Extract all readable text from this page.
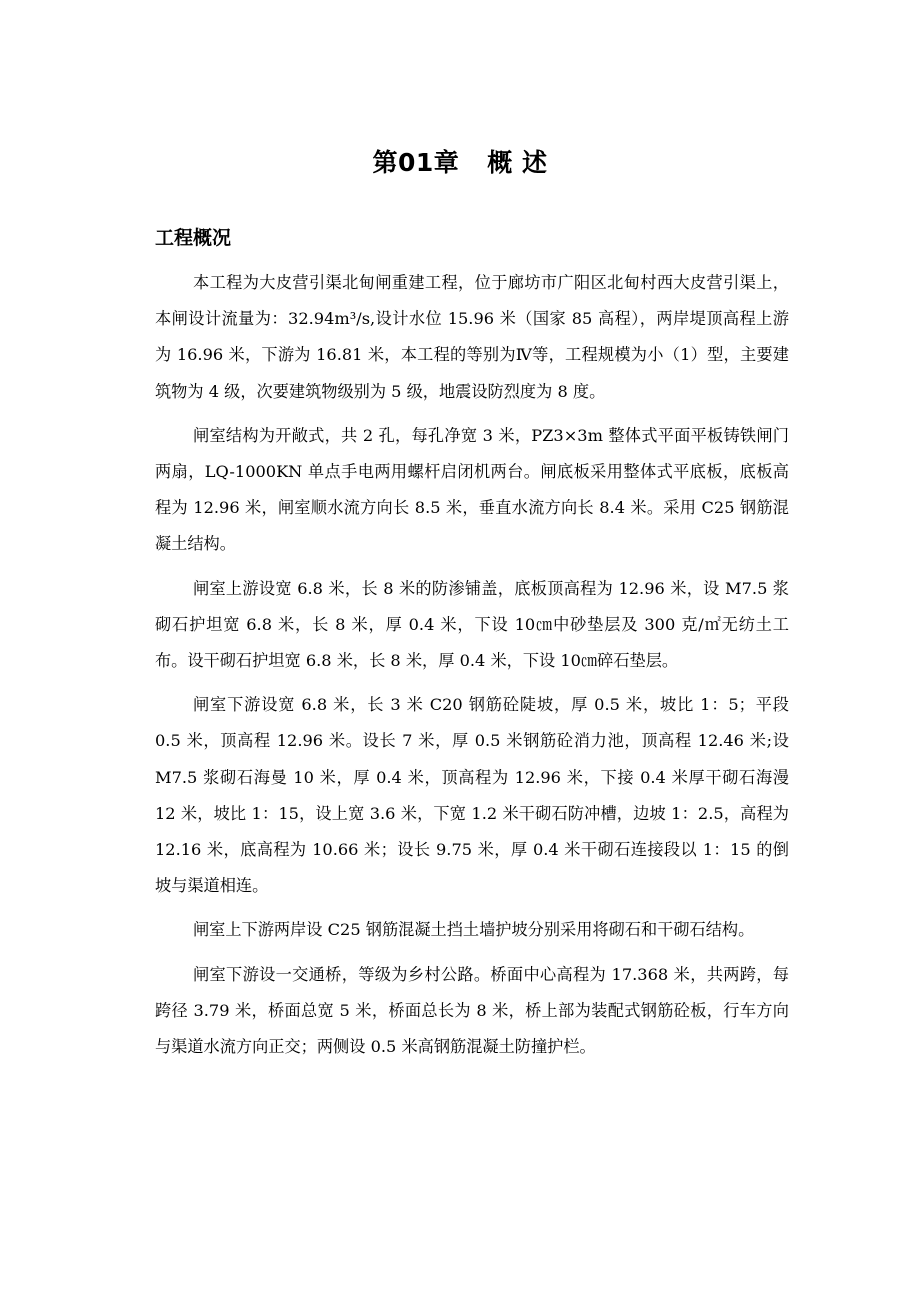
第01章 概 述
工程概况

本工程为大皮营引渠北甸闸重建工程，位于廊坊市广阳区北甸村西大皮营引渠上，本闸设计流量为：32.94m³/s,设计水位 15.96 米（国家 85 高程），两岸堤顶高程上游为 16.96 米，下游为 16.81 米，本工程的等别为Ⅳ等，工程规模为小（1）型，主要建筑物为 4 级，次要建筑物级别为 5 级，地震设防烈度为 8 度。

闸室结构为开敞式，共 2 孔，每孔净宽 3 米，PZ3×3m 整体式平面平板铸铁闸门两扇，LQ-1000KN 单点手电两用螺杆启闭机两台。闸底板采用整体式平底板，底板高程为 12.96 米，闸室顺水流方向长 8.5 米，垂直水流方向长 8.4 米。采用 C25 钢筋混凝土结构。

闸室上游设宽 6.8 米，长 8 米的防渗铺盖，底板顶高程为 12.96 米，设 M7.5 浆砌石护坦宽 6.8 米，长 8 米，厚 0.4 米，下设 10㎝中砂垫层及 300 克/㎡无纺土工布。设干砌石护坦宽 6.8 米，长 8 米，厚 0.4 米，下设 10㎝碎石垫层。

闸室下游设宽 6.8 米，长 3 米 C20 钢筋砼陡坡，厚 0.5 米，坡比 1：5；平段 0.5 米，顶高程 12.96 米。设长 7 米，厚 0.5 米钢筋砼消力池，顶高程 12.46 米;设 M7.5 浆砌石海曼 10 米，厚 0.4 米，顶高程为 12.96 米，下接 0.4 米厚干砌石海漫 12 米，坡比 1：15，设上宽 3.6 米，下宽 1.2 米干砌石防冲槽，边坡 1：2.5，高程为 12.16 米，底高程为 10.66 米；设长 9.75 米，厚 0.4 米干砌石连接段以 1：15 的倒坡与渠道相连。

闸室上下游两岸设 C25 钢筋混凝土挡土墙护坡分别采用将砌石和干砌石结构。

闸室下游设一交通桥，等级为乡村公路。桥面中心高程为 17.368 米，共两跨，每跨径 3.79 米，桥面总宽 5 米，桥面总长为 8 米，桥上部为装配式钢筋砼板，行车方向与渠道水流方向正交；两侧设 0.5 米高钢筋混凝土防撞护栏。
